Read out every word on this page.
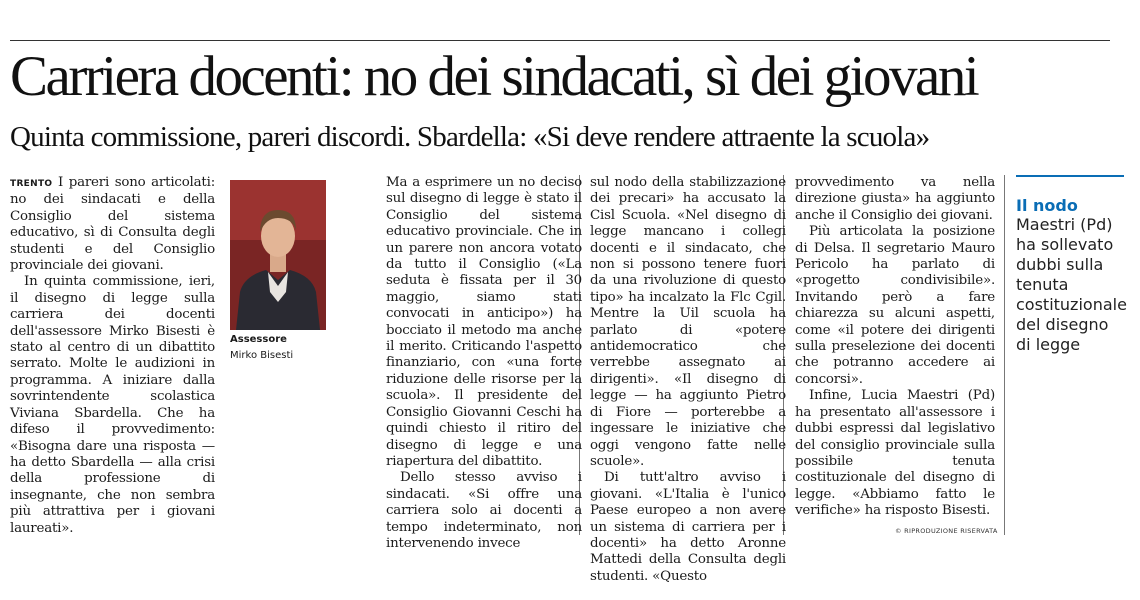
Carriera docenti: no dei sindacati, sì dei giovani
Quinta commissione, pareri discordi. Sbardella: «Si deve rendere attraente la scuola»

TRENTO I pareri sono articolati: no dei sindacati e della Consiglio del sistema educativo, sì di Consulta degli studenti e del Consiglio provinciale dei giovani.

In quinta commissione, ieri, il disegno di legge sulla carriera dei docenti dell'assessore Mirko Bisesti è stato al centro di un dibattito serrato. Molte le audizioni in programma. A iniziare dalla sovrintendente scolastica Viviana Sbardella. Che ha difeso il provvedimento: «Bisogna dare una risposta — ha detto Sbardella — alla crisi della professione di insegnante, che non sembra più attrattiva per i giovani laureati».

Assessore
Mirko Bisesti

Ma a esprimere un no deciso sul disegno di legge è stato il Consiglio del sistema educativo provinciale. Che in un parere non ancora votato da tutto il Consiglio («La seduta è fissata per il 30 maggio, siamo stati convocati in anticipo») ha bocciato il metodo ma anche il merito. Criticando l'aspetto finanziario, con «una forte riduzione delle risorse per la scuola». Il presidente del Consiglio Giovanni Ceschi ha quindi chiesto il ritiro del disegno di legge e una riapertura del dibattito.

Dello stesso avviso i sindacati. «Si offre una carriera solo ai docenti a tempo indeterminato, non intervenendo invece

sul nodo della stabilizzazione dei precari» ha accusato la Cisl Scuola. «Nel disegno di legge mancano i collegi docenti e il sindacato, che non si possono tenere fuori da una rivoluzione di questo tipo» ha incalzato la Flc Cgil. Mentre la Uil scuola ha parlato di «potere antidemocratico che verrebbe assegnato ai dirigenti». «Il disegno di legge — ha aggiunto Pietro di Fiore — porterebbe a ingessare le iniziative che oggi vengono fatte nelle scuole».

Di tutt'altro avviso i giovani. «L'Italia è l'unico Paese europeo a non avere un sistema di carriera per i docenti» ha detto Aronne Mattedi della Consulta degli studenti. «Questo

provvedimento va nella direzione giusta» ha aggiunto anche il Consiglio dei giovani.

Più articolata la posizione di Delsa. Il segretario Mauro Pericolo ha parlato di «progetto condivisibile». Invitando però a fare chiarezza su alcuni aspetti, come «il potere dei dirigenti sulla preselezione dei docenti che potranno accedere ai concorsi».

Infine, Lucia Maestri (Pd) ha presentato all'assessore i dubbi espressi dal legislativo del consiglio provinciale sulla possibile tenuta costituzionale del disegno di legge. «Abbiamo fatto le verifiche» ha risposto Bisesti.

© RIPRODUZIONE RISERVATA
Il nodo
Maestri (Pd) ha sollevato dubbi sulla tenuta costituzionale del disegno di legge
